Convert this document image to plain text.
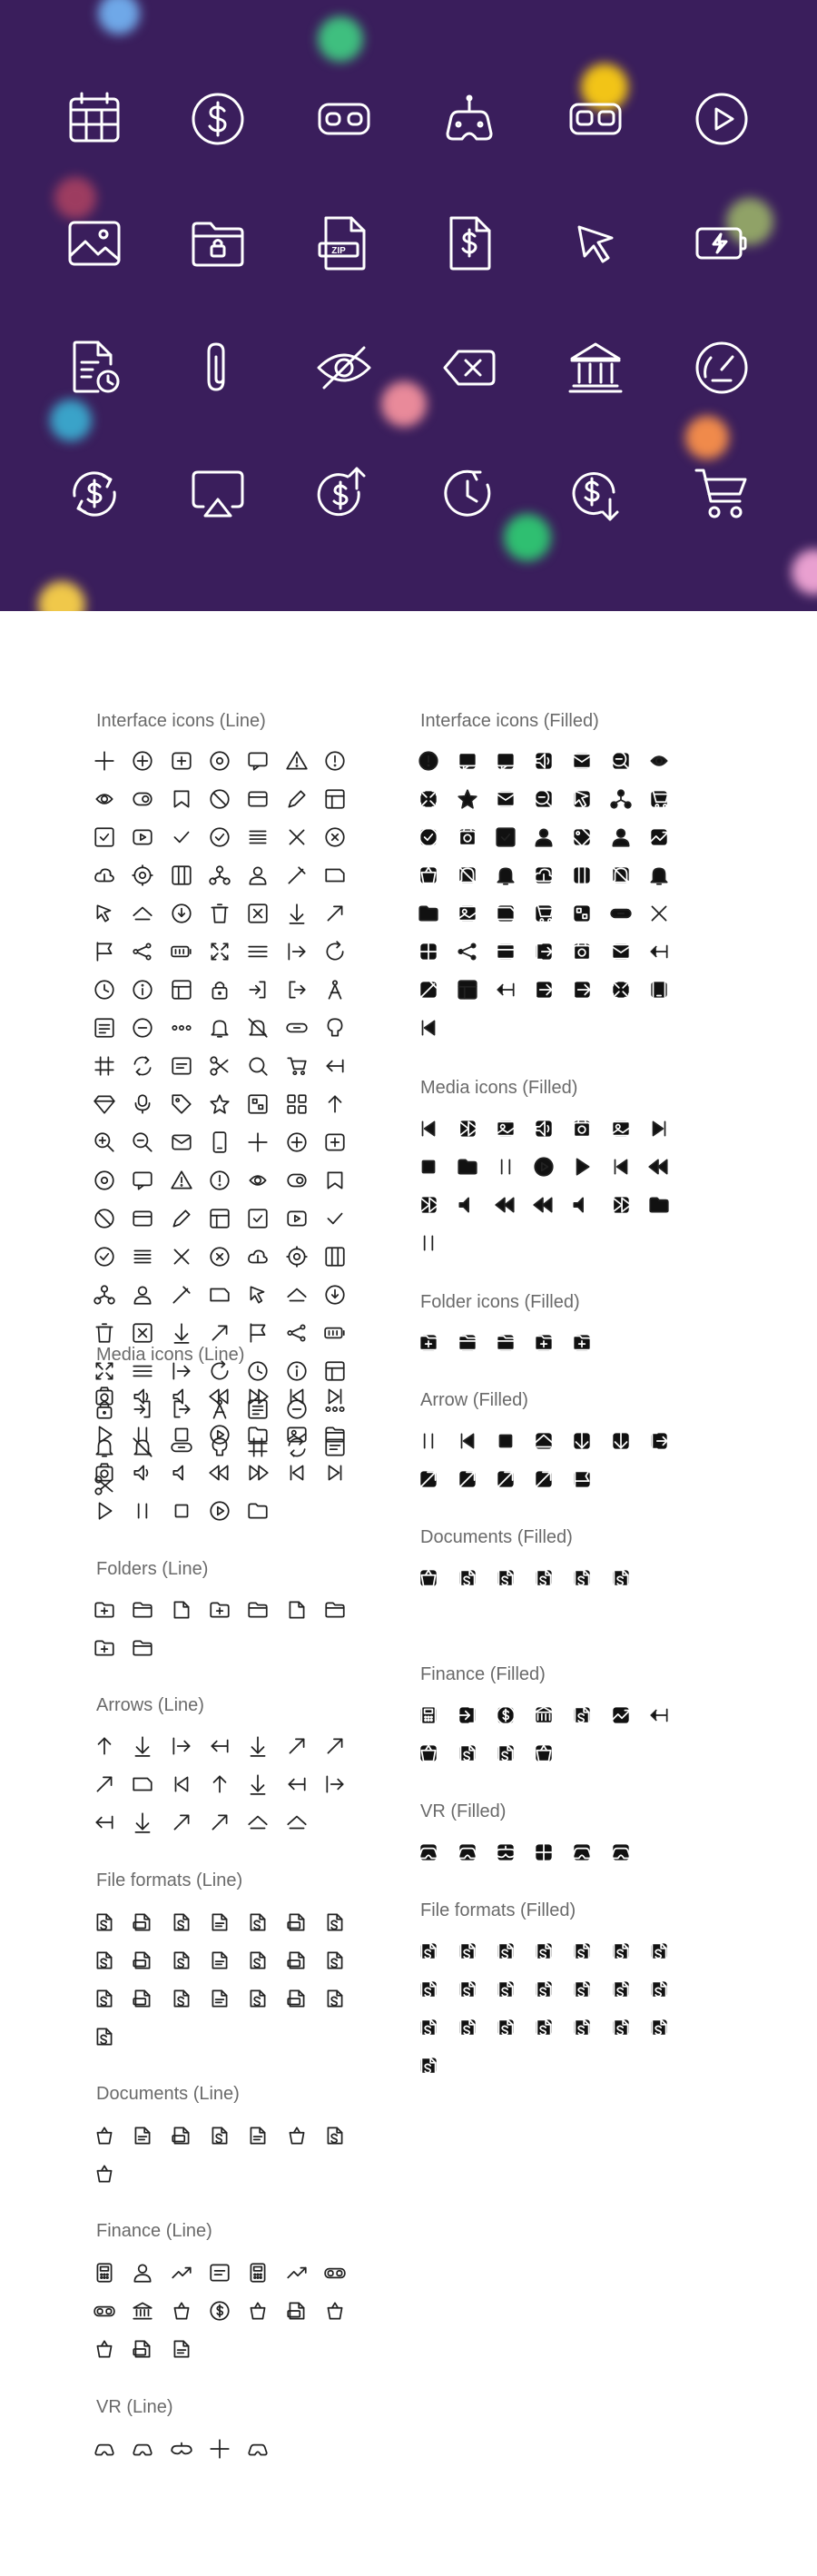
ZIP
Interface icons (Line)
Media icons (Line)
Folders (Line)
Arrows (Line)
File formats (Line)
Documents (Line)
Finance (Line)
VR (Line)
Interface icons (Filled)
Media icons (Filled)
Folder icons (Filled)
Arrow (Filled)
Documents (Filled)
Finance (Filled)
VR (Filled)
File formats (Filled)
